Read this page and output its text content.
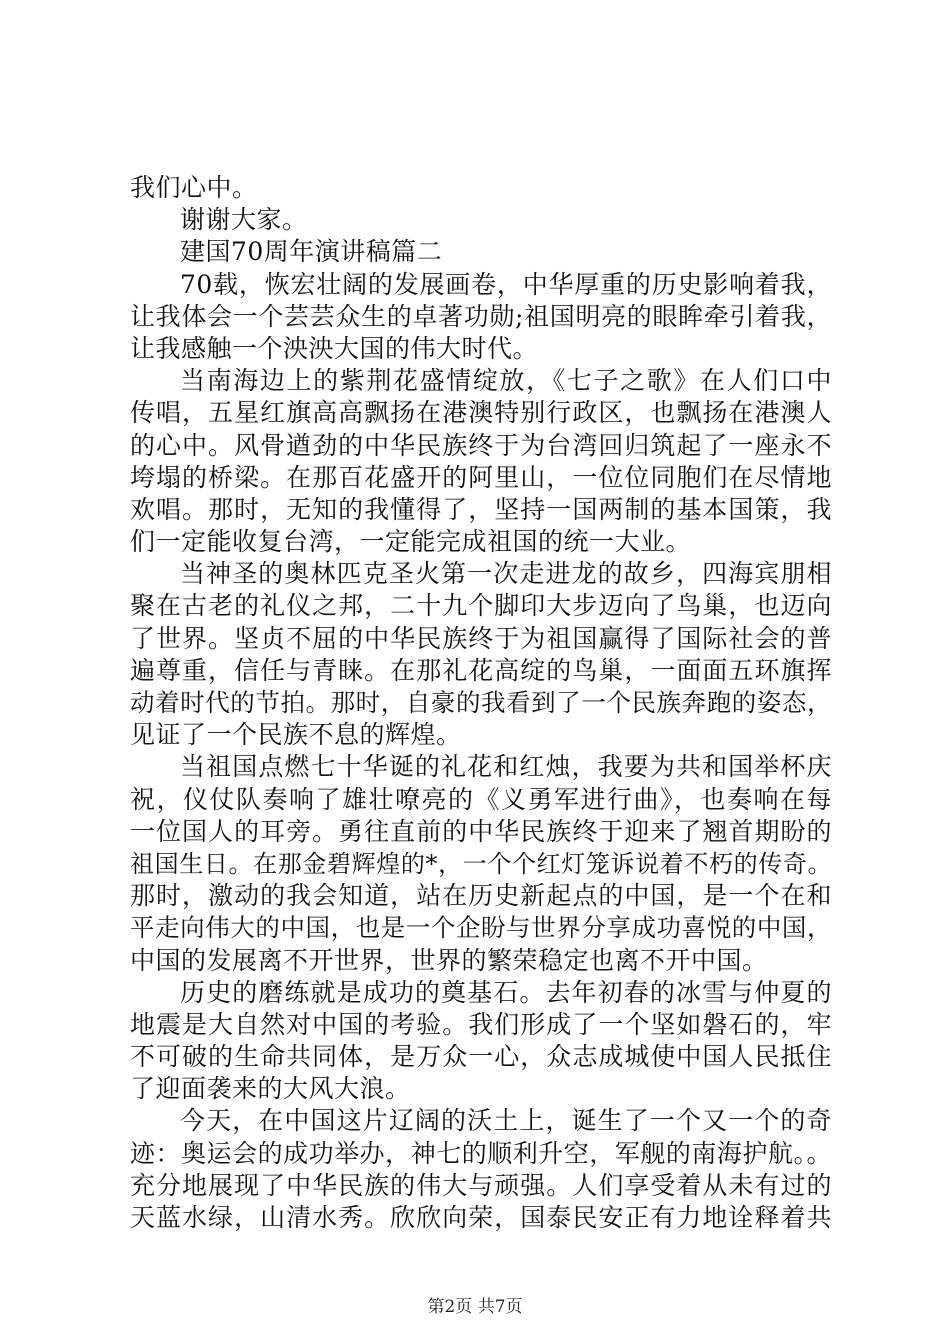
我们心中。
谢谢大家。
建国70周年演讲稿篇二
70载，恢宏壮阔的发展画卷，中华厚重的历史影响着我，
让我体会一个芸芸众生的卓著功勋;祖国明亮的眼眸牵引着我，
让我感触一个泱泱大国的伟大时代。
当南海边上的紫荆花盛情绽放，《七子之歌》在人们口中
传唱，五星红旗高高飘扬在港澳特别行政区，也飘扬在港澳人
的心中。风骨遒劲的中华民族终于为台湾回归筑起了一座永不
垮塌的桥梁。在那百花盛开的阿里山，一位位同胞们在尽情地
欢唱。那时，无知的我懂得了，坚持一国两制的基本国策，我
们一定能收复台湾，一定能完成祖国的统一大业。
当神圣的奥林匹克圣火第一次走进龙的故乡，四海宾朋相
聚在古老的礼仪之邦，二十九个脚印大步迈向了鸟巢，也迈向
了世界。坚贞不屈的中华民族终于为祖国赢得了国际社会的普
遍尊重，信任与青睐。在那礼花高绽的鸟巢，一面面五环旗挥
动着时代的节拍。那时，自豪的我看到了一个民族奔跑的姿态，
见证了一个民族不息的辉煌。
当祖国点燃七十华诞的礼花和红烛，我要为共和国举杯庆
祝，仪仗队奏响了雄壮嘹亮的《义勇军进行曲》，也奏响在每
一位国人的耳旁。勇往直前的中华民族终于迎来了翘首期盼的
祖国生日。在那金碧辉煌的*，一个个红灯笼诉说着不朽的传奇。
那时，激动的我会知道，站在历史新起点的中国，是一个在和
平走向伟大的中国，也是一个企盼与世界分享成功喜悦的中国，
中国的发展离不开世界，世界的繁荣稳定也离不开中国。
历史的磨练就是成功的奠基石。去年初春的冰雪与仲夏的
地震是大自然对中国的考验。我们形成了一个坚如磐石的，牢
不可破的生命共同体，是万众一心，众志成城使中国人民抵住
了迎面袭来的大风大浪。
今天，在中国这片辽阔的沃土上，诞生了一个又一个的奇
迹：奥运会的成功举办，神七的顺利升空，军舰的南海护航。。
充分地展现了中华民族的伟大与顽强。人们享受着从未有过的
天蓝水绿，山清水秀。欣欣向荣，国泰民安正有力地诠释着共
第2页 共7页
